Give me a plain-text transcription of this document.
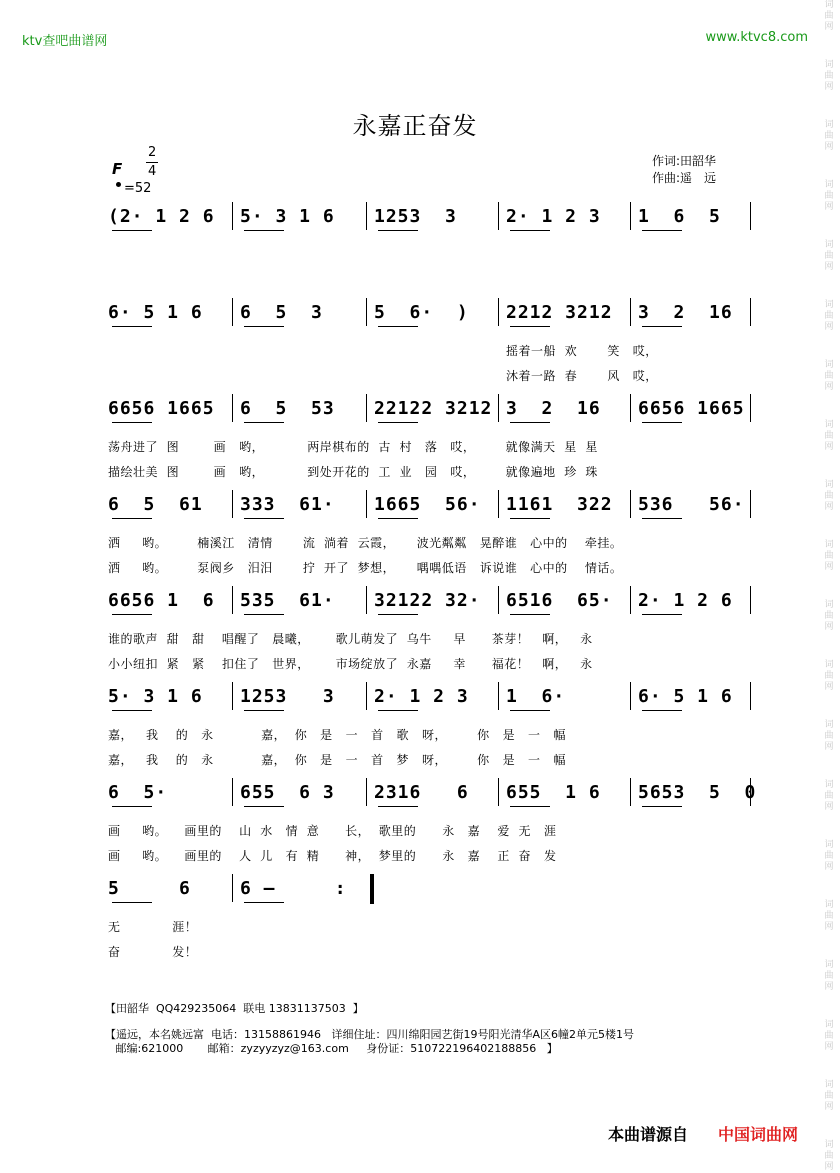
词曲网
词曲网
词曲网
词曲网
词曲网
词曲网
词曲网
词曲网
词曲网
词曲网
词曲网
词曲网
词曲网
词曲网
词曲网
词曲网
词曲网
词曲网
词曲网
词曲网
ktv查吧曲谱网	www.ktvc8.com
永嘉正奋发
作词:田韶华
作曲:遥　远
F
2
4
=52
(2· 1 2 6 5· 3 1 6 1253  3	2· 1 2 3 1  6  5
6· 5 1 6 6  5  3	5  6·  ) 2212 3212 3  2  16
摇着一船  欢       笑   哎，
沐着一路  春       风   哎，
6656 1665 6  5  53 22122 3212 3  2  16 6656 1665
荡舟进了  图        画   哟，          两岸棋布的  古  村   落   哎，       就像满天  星  星
描绘壮美  图        画   哟，          到处开花的  工  业   园   哎，       就像遍地  珍  珠
6  5  61 333  61· 1665  56· 1161  322 536   56·
洒     哟。       楠溪江   清情       流  淌着  云霞，     波光粼粼   晃醉谁   心中的    牵挂。
洒     哟。       泵阀乡   汨汨       拧  开了  梦想，     喁喁低语   诉说谁   心中的    情话。
6656 1  6 535  61· 32122 32· 6516  65· 2· 1 2 6
谁的歌声  甜   甜    唱醒了   晨曦，      歌儿萌发了  乌牛     早      茶芽！   啊，   永
小小纽扣  紧   紧    扣住了   世界，      市场绽放了  永嘉     幸      福花！   啊，   永
5· 3 1 6 1253   3 2· 1 2 3 1  6·	6· 5 1 6
嘉，   我    的   永           嘉，  你   是   一   首   歌   呀，       你   是   一   幅
嘉，   我    的   永           嘉，  你   是   一   首   梦   呀，       你   是   一   幅
6  5·	655  6 3 2316   6 655  1 6 5653  5  0
画     哟。    画里的    山  水   情  意      长，  歌里的      永   嘉    爱  无   涯
画     哟。    画里的    人  儿   有  精      神，  梦里的      永   嘉    正  奋   发
5     6	6 —     :
无            涯！
奋            发！
【田韶华  QQ429235064  联电 13831137503  】
【遥远，本名姚远富  电话：13158861946   详细住址：四川绵阳园艺街19号阳光清华A区6幢2单元5楼1号
邮编:621000       邮箱：zyzyyzyz@163.com     身份证：510722196402188856   】
本曲谱源自 中国词曲网
